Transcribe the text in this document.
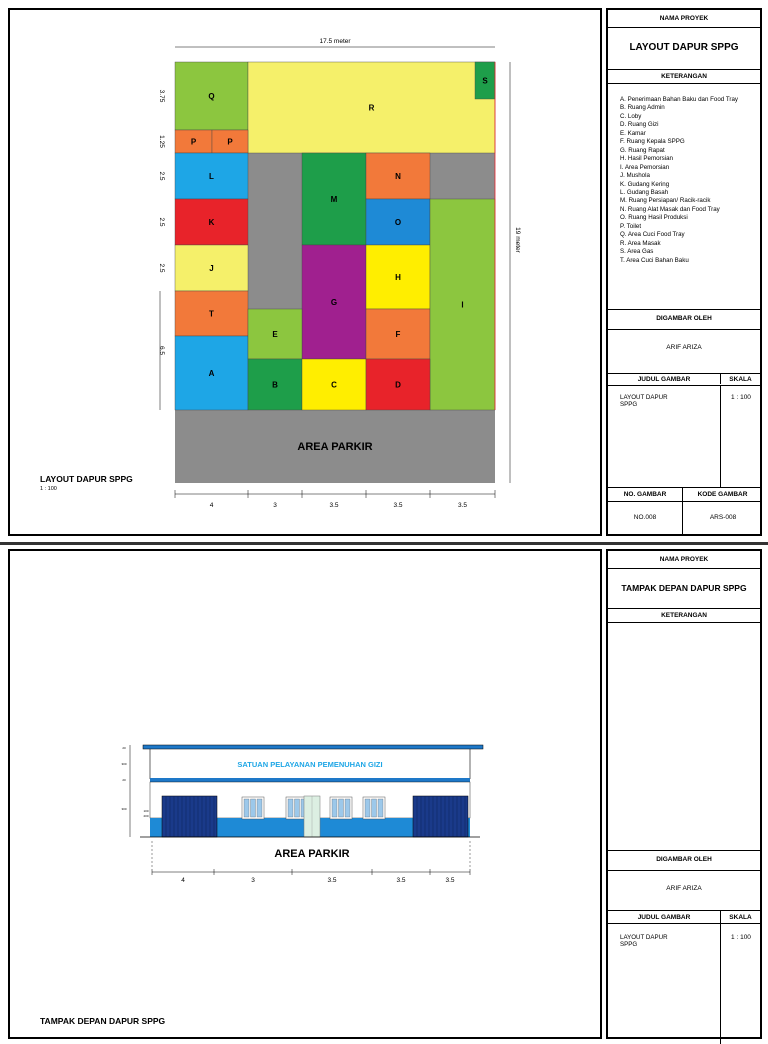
Q
R
S
P	P
L
K
J
T
A
M
G
N
O
H
F
I
E
B	C	D
AREA PARKIR
17.5 meter
19 meter
3.75
1.25
2.5
2.5
2.5
6.5
4	3	3.5	3.5	3.5
LAYOUT DAPUR SPPG
1 : 100
NAMA PROYEK
LAYOUT DAPUR SPPG
KETERANGAN
A. Penerimaan Bahan Baku dan Food Tray
B. Ruang Admin
C. Loby
D. Ruang Gizi
E. Kamar
F. Ruang Kepala SPPG
G. Ruang Rapat
H. Hasil Pemorsian
I. Area Pemorsian
J. Mushola
K. Gudang Kering
L. Gudang Basah
M. Ruang Persiapan/ Racik-racik
N. Ruang Alat Masak dan Food Tray
O. Ruang Hasil Produksi
P. Toilet
Q. Area Cuci Food Tray
R. Area Masak
S. Area Gas
T. Area Cuci Bahan Baku
DIGAMBAR OLEH
ARIF ARIZA
JUDUL GAMBAR	SKALA
LAYOUT DAPUR SPPG
1 : 100
NO. GAMBAR	KODE GAMBAR
NO.008	ARS-008
SATUAN PELAYANAN PEMENUHAN GIZI
AREA PARKIR
4	3	3.5	3.5	3.5
20
300
20
300	100
200
TAMPAK DEPAN DAPUR SPPG
NAMA PROYEK
TAMPAK DEPAN DAPUR SPPG
KETERANGAN
DIGAMBAR OLEH
ARIF ARIZA
JUDUL GAMBAR	SKALA
LAYOUT DAPUR SPPG
1 : 100
